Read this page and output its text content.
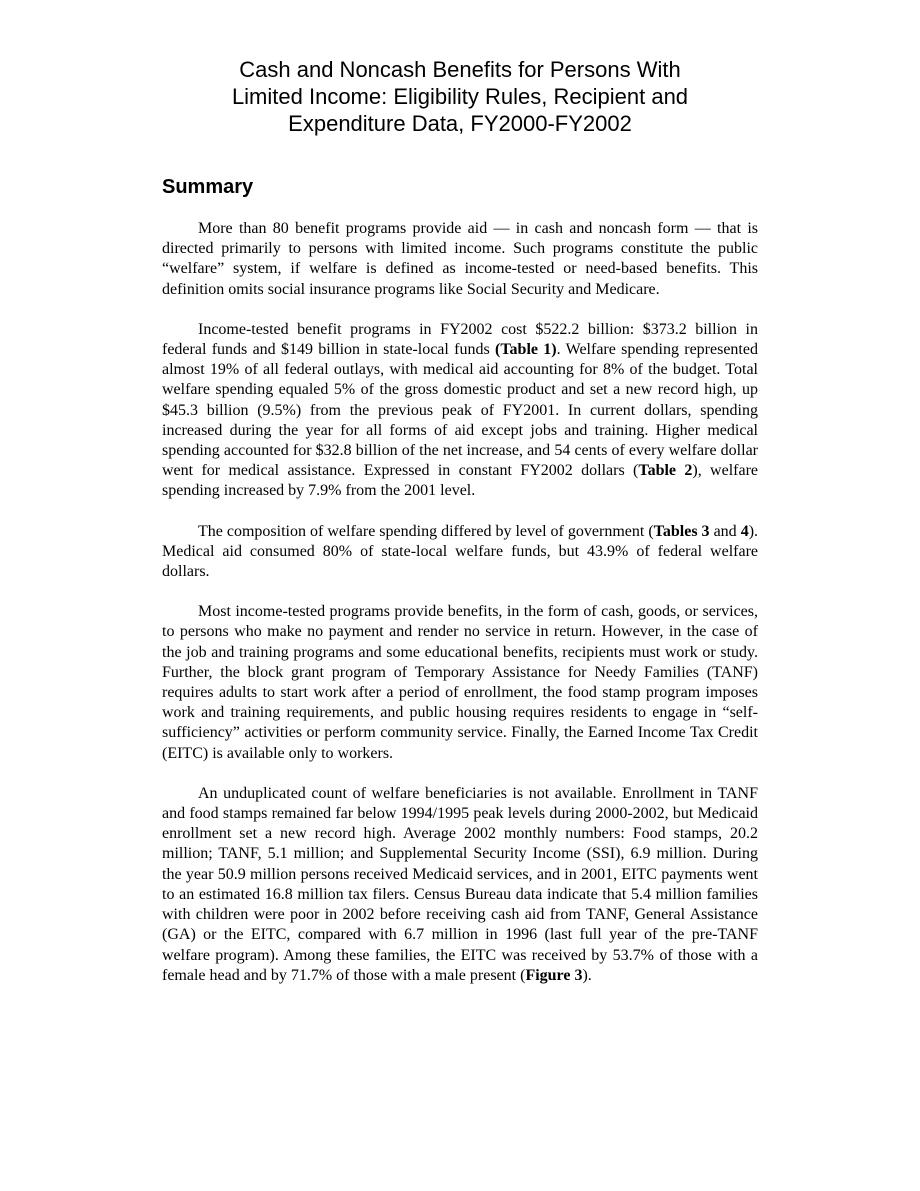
Cash and Noncash Benefits for Persons With
Limited Income: Eligibility Rules, Recipient and
Expenditure Data, FY2000-FY2002
Summary

More than 80 benefit programs provide aid — in cash and noncash form — that is directed primarily to persons with limited income. Such programs constitute the public “welfare” system, if welfare is defined as income-tested or need-based benefits. This definition omits social insurance programs like Social Security and Medicare.

Income-tested benefit programs in FY2002 cost $522.2 billion: $373.2 billion in federal funds and $149 billion in state-local funds (Table 1). Welfare spending represented almost 19% of all federal outlays, with medical aid accounting for 8% of the budget. Total welfare spending equaled 5% of the gross domestic product and set a new record high, up $45.3 billion (9.5%) from the previous peak of FY2001. In current dollars, spending increased during the year for all forms of aid except jobs and training. Higher medical spending accounted for $32.8 billion of the net increase, and 54 cents of every welfare dollar went for medical assistance. Expressed in constant FY2002 dollars (Table 2), welfare spending increased by 7.9% from the 2001 level.

The composition of welfare spending differed by level of government (Tables 3 and 4). Medical aid consumed 80% of state-local welfare funds, but 43.9% of federal welfare dollars.

Most income-tested programs provide benefits, in the form of cash, goods, or services, to persons who make no payment and render no service in return. However, in the case of the job and training programs and some educational benefits, recipients must work or study. Further, the block grant program of Temporary Assistance for Needy Families (TANF) requires adults to start work after a period of enrollment, the food stamp program imposes work and training requirements, and public housing requires residents to engage in “self-sufficiency” activities or perform community service. Finally, the Earned Income Tax Credit (EITC) is available only to workers.

An unduplicated count of welfare beneficiaries is not available. Enrollment in TANF and food stamps remained far below 1994/1995 peak levels during 2000-2002, but Medicaid enrollment set a new record high. Average 2002 monthly numbers: Food stamps, 20.2 million; TANF, 5.1 million; and Supplemental Security Income (SSI), 6.9 million. During the year 50.9 million persons received Medicaid services, and in 2001, EITC payments went to an estimated 16.8 million tax filers. Census Bureau data indicate that 5.4 million families with children were poor in 2002 before receiving cash aid from TANF, General Assistance (GA) or the EITC, compared with 6.7 million in 1996 (last full year of the pre-TANF welfare program). Among these families, the EITC was received by 53.7% of those with a female head and by 71.7% of those with a male present (Figure 3).
